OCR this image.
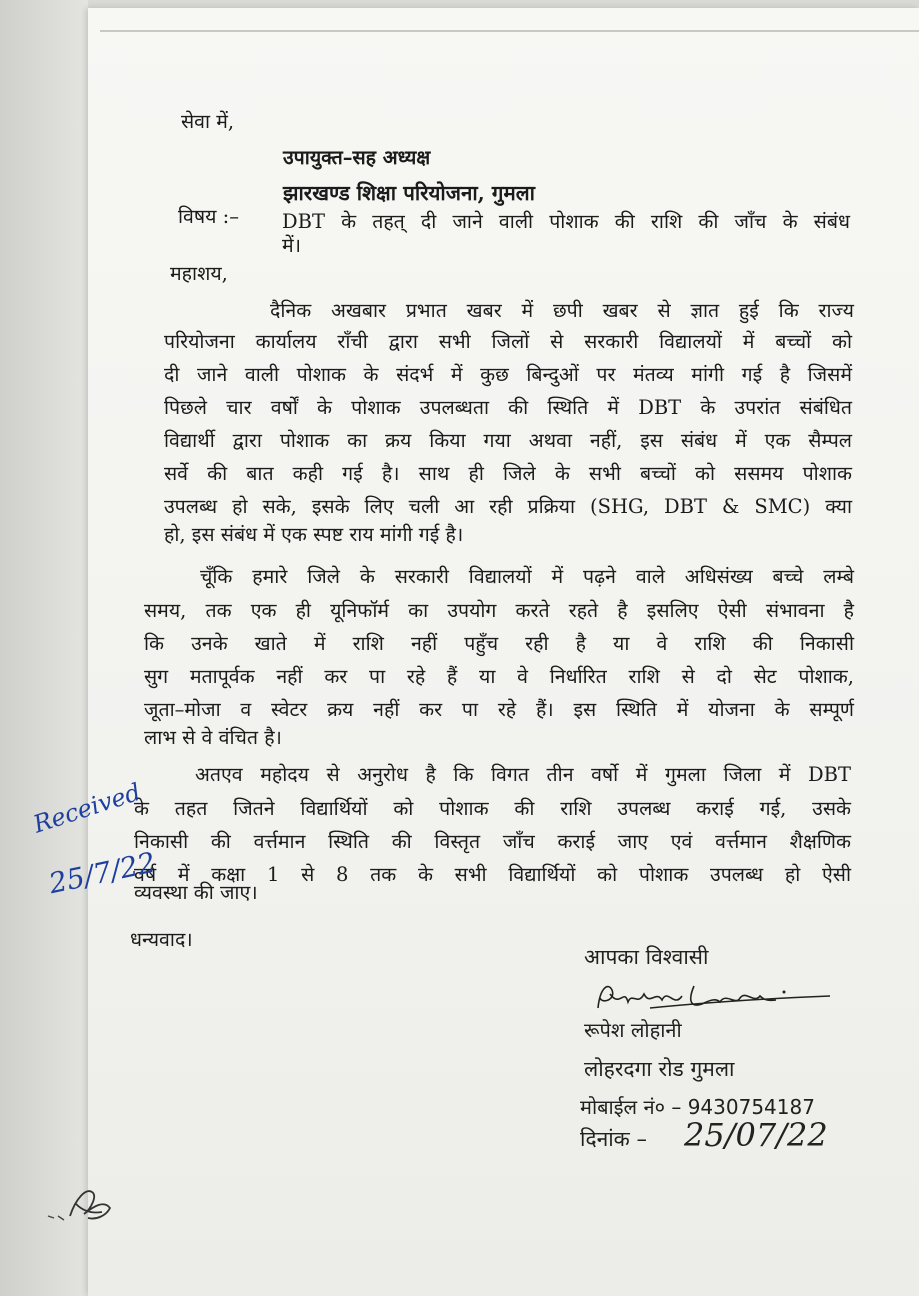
सेवा में,
उपायुक्त–सह अध्यक्ष
झारखण्ड शिक्षा परियोजना, गुमला
विषय :– DBT के तहत् दी जाने वाली पोशाक की राशि की जाँच के संबंध
में।
महाशय,
दैनिक अखबार प्रभात खबर में छपी खबर से ज्ञात हुई कि राज्य
परियोजना कार्यालय राँची द्वारा सभी जिलों से सरकारी विद्यालयों में बच्चों को
दी जाने वाली पोशाक के संदर्भ में कुछ बिन्दुओं पर मंतव्य मांगी गई है जिसमें
पिछले चार वर्षों के पोशाक उपलब्धता की स्थिति में DBT के उपरांत संबंधित
विद्यार्थी द्वारा पोशाक का क्रय किया गया अथवा नहीं, इस संबंध में एक सैम्पल
सर्वे की बात कही गई है। साथ ही जिले के सभी बच्चों को ससमय पोशाक
उपलब्ध हो सके, इसके लिए चली आ रही प्रक्रिया (SHG, DBT & SMC) क्या
हो, इस संबंध में एक स्पष्ट राय मांगी गई है।
चूँकि हमारे जिले के सरकारी विद्यालयों में पढ़ने वाले अधिसंख्य बच्चे लम्बे
समय, तक एक ही यूनिफॉर्म का उपयोग करते रहते है इसलिए ऐसी संभावना है
कि उनके खाते में राशि नहीं पहुँच रही है या वे राशि की निकासी
सुग मतापूर्वक नहीं कर पा रहे हैं या वे निर्धारित राशि से दो सेट पोशाक,
जूता–मोजा व स्वेटर क्रय नहीं कर पा रहे हैं। इस स्थिति में योजना के सम्पूर्ण
लाभ से वे वंचित है।
अतएव महोदय से अनुरोध है कि विगत तीन वर्षो में गुमला जिला में DBT
के तहत जितने विद्यार्थियों को पोशाक की राशि उपलब्ध कराई गई, उसके
निकासी की वर्त्तमान स्थिति की विस्तृत जाँच कराई जाए एवं वर्त्तमान शैक्षणिक
वर्ष में कक्षा 1 से 8 तक के सभी विद्यार्थियों को पोशाक उपलब्ध हो ऐसी
व्यवस्था की जाए।
धन्यवाद।
आपका विश्वासी
रूपेश लोहानी
लोहरदगा रोड गुमला
मोबाईल नं० – 9430754187
दिनांक – 25/07/22
Received
25/7/22
